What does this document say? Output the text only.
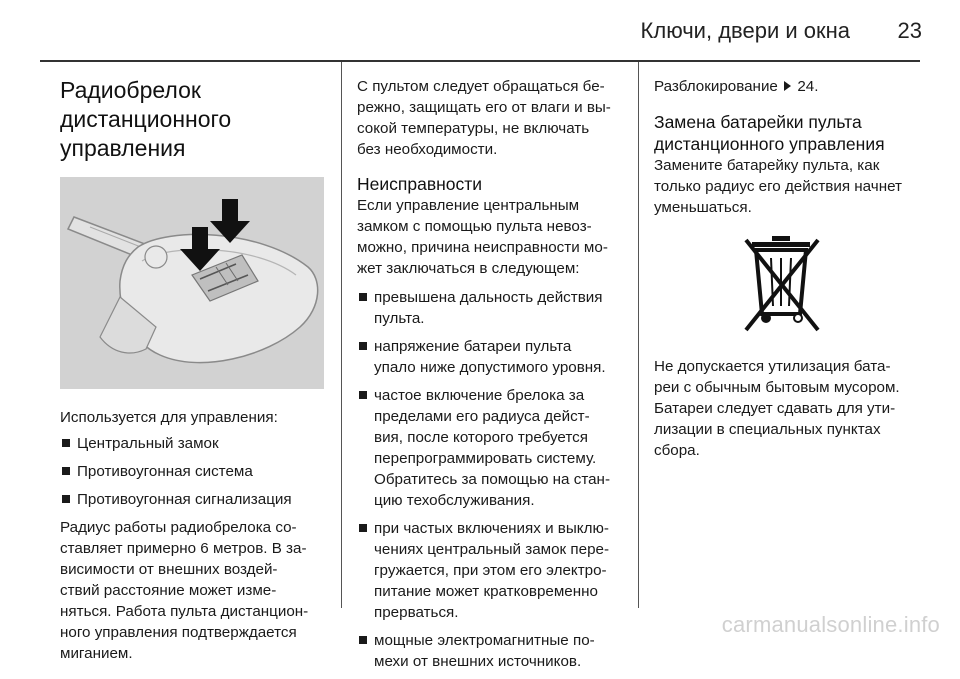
Ключи, двери и окна	23
Радиобрелок
дистанционного
управления

Используется для управления:

Центральный замок
Противоугонная система
Противоугонная сигнализация

Радиус работы радиобрелока со-
ставляет примерно 6 метров. В за-
висимости от внешних воздей-
ствий расстояние может изме-
няться. Работа пульта дистанцион-
ного управления подтверждается
миганием.

С пультом следует обращаться бе-
режно, защищать его от влаги и вы-
сокой температуры, не включать
без необходимости.

Неисправности

Если управление центральным
замком с помощью пульта невоз-
можно, причина неисправности мо-
жет заключаться в следующем:

превышена дальность действия
пульта.
напряжение батареи пульта
упало ниже допустимого уровня.
частое включение брелока за
пределами его радиуса дейст-
вия, после которого требуется
перепрограммировать систему.
Обратитесь за помощью на стан-
цию техобслуживания.
при частых включениях и выклю-
чениях центральный замок пере-
гружается, при этом его электро-
питание может кратковременно
прерваться.
мощные электромагнитные по-
мехи от внешних источников.

Разблокирование 24.

Замена батарейки пульта
дистанционного управления

Замените батарейку пульта, как
только радиус его действия начнет
уменьшаться.

Не допускается утилизация бата-
реи с обычным бытовым мусором.
Батареи следует сдавать для ути-
лизации в специальных пунктах
сбора.

carmanualsonline.info
